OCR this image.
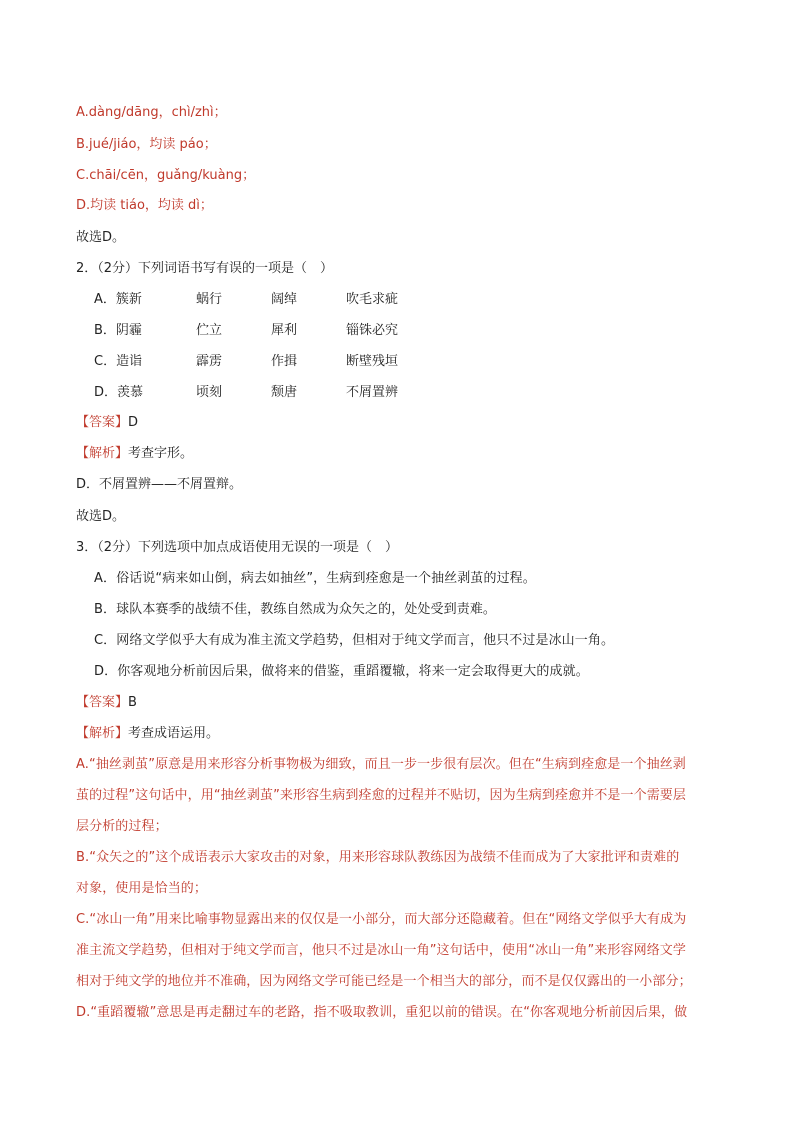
A.dàng/dāng，chì/zhì；
B.jué/jiáo，均读 páo；
C.chāi/cēn，guǎng/kuàng；
D.均读 tiáo，均读 dì；
故选D。
2．（2分）下列词语书写有误的一项是（　）
A．簇新	蜗行	阔绰	吹毛求疵
B．阴霾	伫立	犀利	锱铢必究
C．造诣	霹雳	作揖	断壁残垣
D．羡慕	顷刻	颓唐	不屑置辨
【答案】D
【解析】考查字形。
D．不屑置辨——不屑置辩。
故选D。
3．（2分）下列选项中加点成语使用无误的一项是（　）
A．俗话说“病来如山倒，病去如抽丝”，生病到痊愈是一个抽丝剥茧的过程。
B．球队本赛季的战绩不佳，教练自然成为众矢之的，处处受到责难。
C．网络文学似乎大有成为准主流文学趋势，但相对于纯文学而言，他只不过是冰山一角。
D．你客观地分析前因后果，做将来的借鉴，重蹈覆辙，将来一定会取得更大的成就。
【答案】B
【解析】考查成语运用。
A.“抽丝剥茧”原意是用来形容分析事物极为细致，而且一步一步很有层次。但在“生病到痊愈是一个抽丝剥
茧的过程”这句话中，用“抽丝剥茧”来形容生病到痊愈的过程并不贴切，因为生病到痊愈并不是一个需要层
层分析的过程；
B.“众矢之的”这个成语表示大家攻击的对象，用来形容球队教练因为战绩不佳而成为了大家批评和责难的
对象，使用是恰当的；
C.“冰山一角”用来比喻事物显露出来的仅仅是一小部分，而大部分还隐藏着。但在“网络文学似乎大有成为
准主流文学趋势，但相对于纯文学而言，他只不过是冰山一角”这句话中，使用“冰山一角”来形容网络文学
相对于纯文学的地位并不准确，因为网络文学可能已经是一个相当大的部分，而不是仅仅露出的一小部分；
D.“重蹈覆辙”意思是再走翻过车的老路，指不吸取教训，重犯以前的错误。在“你客观地分析前因后果，做
